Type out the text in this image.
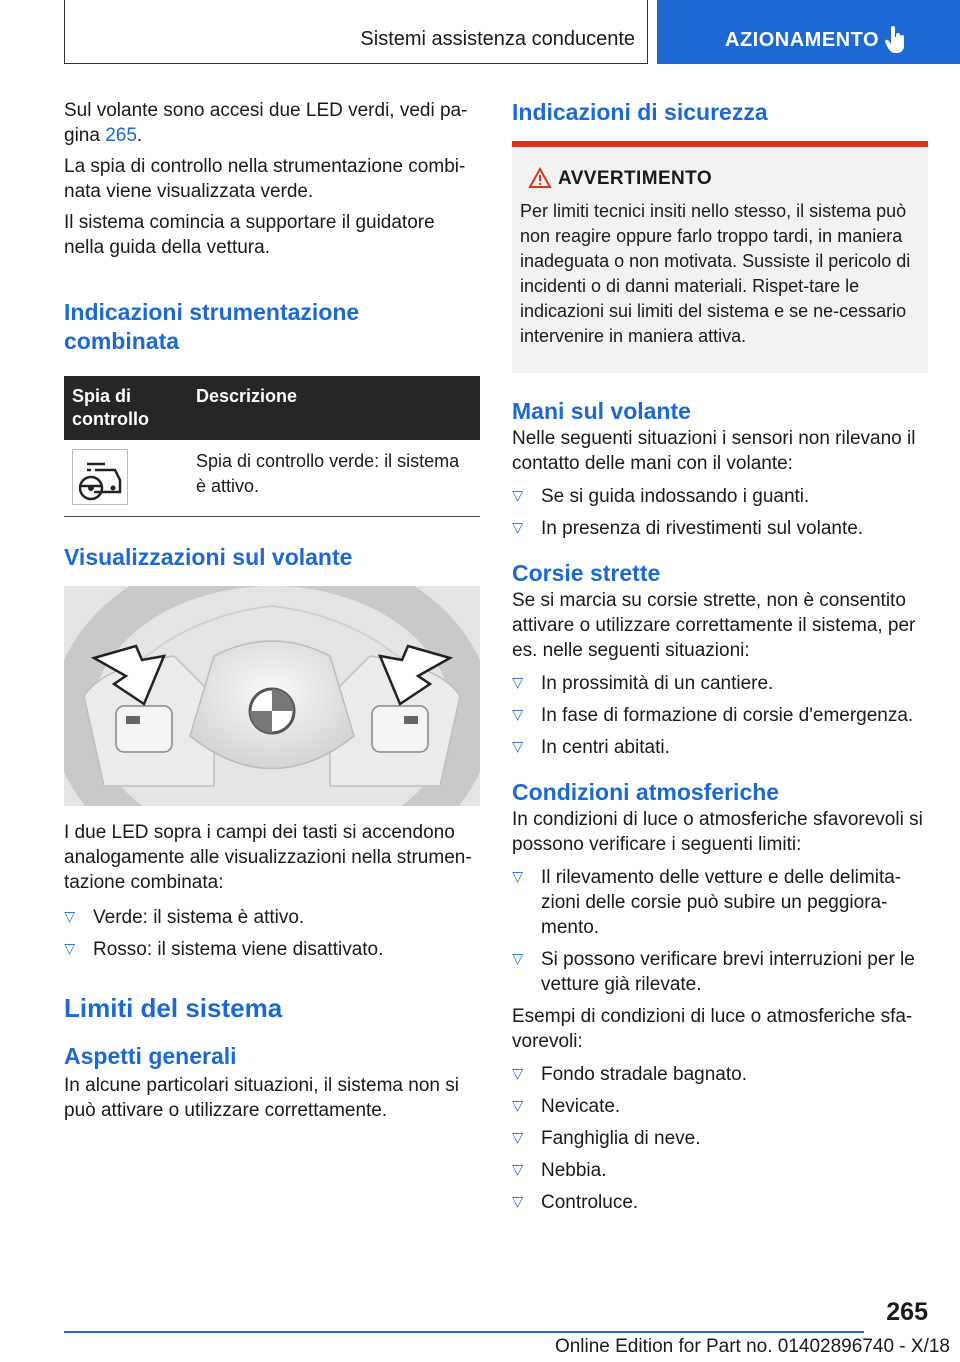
Sistemi assistenza conducente	AZIONAMENTO

Sul volante sono accesi due LED verdi, vedi pa-
gina 265.

La spia di controllo nella strumentazione combi-nata viene visualizzata verde.

Il sistema comincia a supportare il guidatore nella guida della vettura.

Indicazioni strumentazione combinata
Spia di controllo	Descrizione

	Spia di controllo verde: il sistema è attivo.
Visualizzazioni sul volante

I due LED sopra i campi dei tasti si accendono analogamente alle visualizzazioni nella strumen-tazione combinata:

▷ Verde: il sistema è attivo.
▷ Rosso: il sistema viene disattivato.
Limiti del sistema
Aspetti generali

In alcune particolari situazioni, il sistema non si può attivare o utilizzare correttamente.

Indicazioni di sicurezza
AVVERTIMENTO

Per limiti tecnici insiti nello stesso, il sistema può non reagire oppure farlo troppo tardi, in maniera inadeguata o non motivata. Sussiste il pericolo di incidenti o di danni materiali. Rispet-tare le indicazioni sui limiti del sistema e se ne-cessario intervenire in maniera attiva.

Mani sul volante

Nelle seguenti situazioni i sensori non rilevano il contatto delle mani con il volante:

▷ Se si guida indossando i guanti.
▷ In presenza di rivestimenti sul volante.
Corsie strette

Se si marcia su corsie strette, non è consentito attivare o utilizzare correttamente il sistema, per es. nelle seguenti situazioni:

▷ In prossimità di un cantiere.
▷ In fase di formazione di corsie d'emergenza.
▷ In centri abitati.
Condizioni atmosferiche

In condizioni di luce o atmosferiche sfavorevoli si possono verificare i seguenti limiti:

▷ Il rilevamento delle vetture e delle delimita-zioni delle corsie può subire un peggiora-mento.
▷ Si possono verificare brevi interruzioni per le vetture già rilevate.

Esempi di condizioni di luce o atmosferiche sfa-vorevoli:

▷ Fondo stradale bagnato.
▷ Nevicate.
▷ Fanghiglia di neve.
▷ Nebbia.
▷ Controluce.
265
Online Edition for Part no. 01402896740 - X/18
